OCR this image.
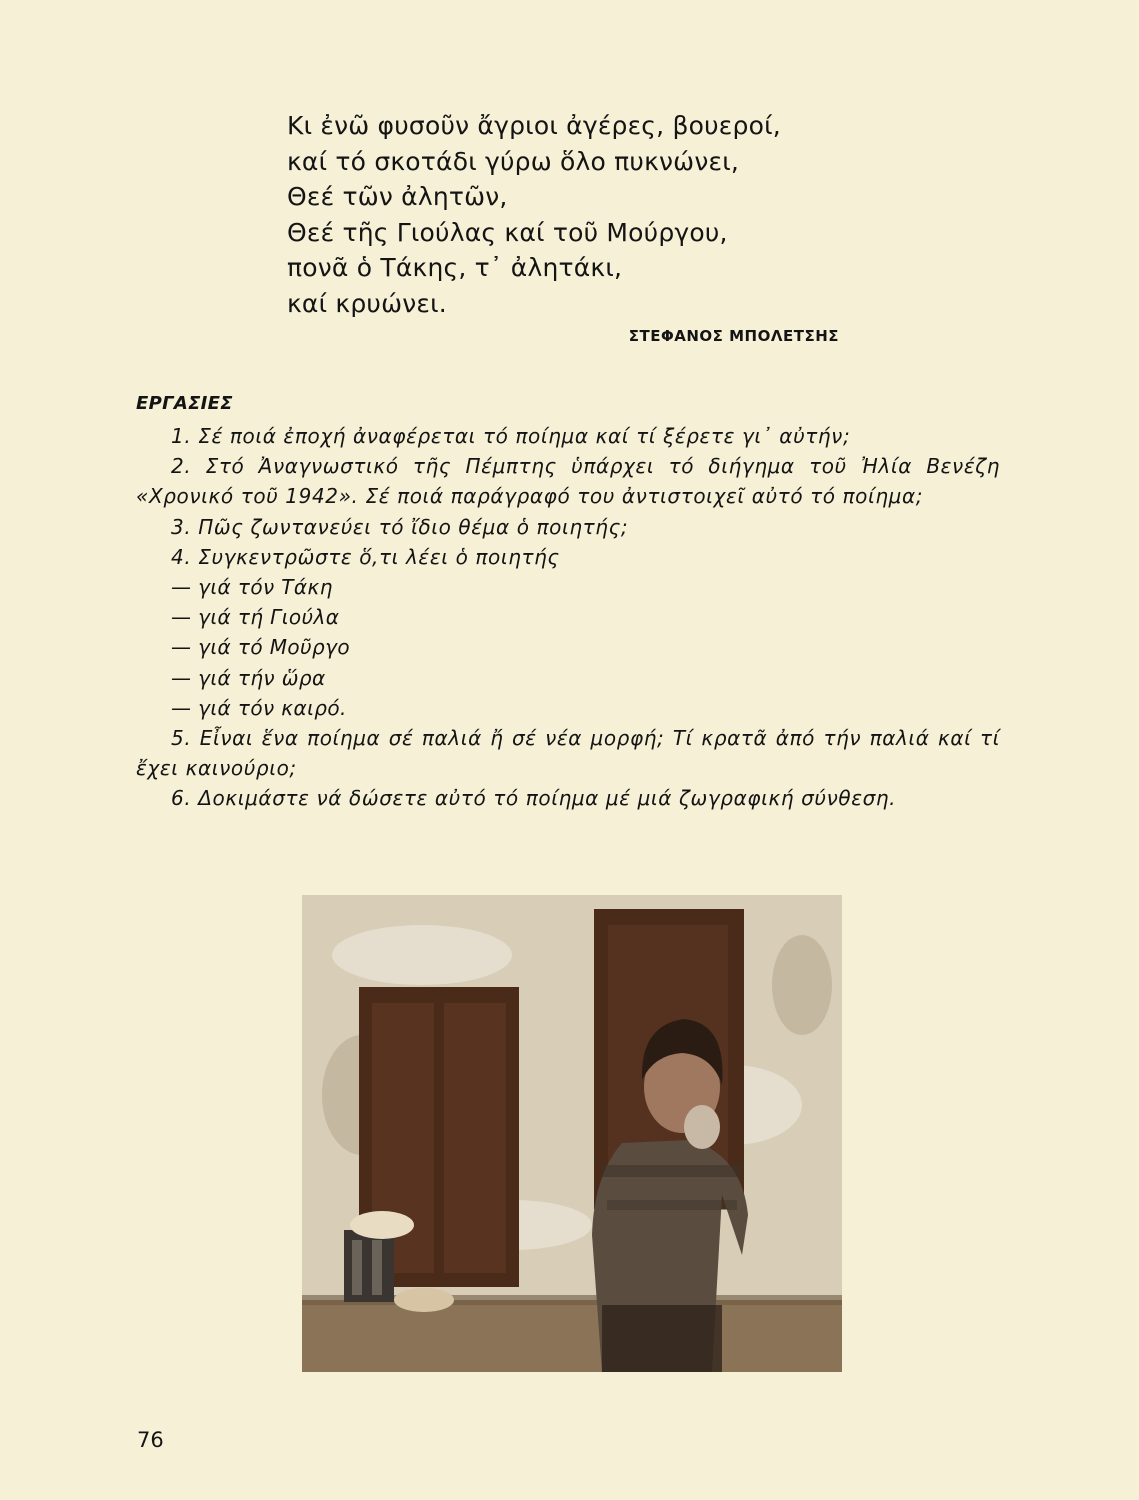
Κι ἐνῶ φυσοῦν ἄγριοι ἀγέρες, βουεροί,
καί τό σκοτάδι γύρω ὅλο πυκνώνει,
Θεέ τῶν ἀλητῶν,
Θεέ τῆς Γιούλας καί τοῦ Μούργου,
πονᾶ ὁ Τάκης, τ᾿ ἀλητάκι,
καί κρυώνει.
ΣΤΕΦΑΝΟΣ ΜΠΟΛΕΤΣΗΣ
ΕΡΓΑΣΙΕΣ
1. Σέ ποιά ἐποχή ἀναφέρεται τό ποίημα καί τί ξέρετε γι᾿ αὐτήν;
2. Στό Ἀναγνωστικό τῆς Πέμπτης ὑπάρχει τό διήγημα τοῦ Ἠλία Βενέζη «Χρονικό τοῦ 1942». Σέ ποιά παράγραφό του ἀντιστοιχεῖ αὐτό τό ποίημα;
3. Πῶς ζωντανεύει τό ἴδιο θέμα ὁ ποιητής;
4. Συγκεντρῶστε ὅ,τι λέει ὁ ποιητής
— γιά τόν Τάκη
— γιά τή Γιούλα
— γιά τό Μοῦργο
— γιά τήν ὥρα
— γιά τόν καιρό.
5. Εἶναι ἕνα ποίημα σέ παλιά ἤ σέ νέα μορφή; Τί κρατᾶ ἀπό τήν παλιά καί τί ἔχει καινούριο;
6. Δοκιμάστε νά δώσετε αὐτό τό ποίημα μέ μιά ζωγραφική σύνθεση.
76
